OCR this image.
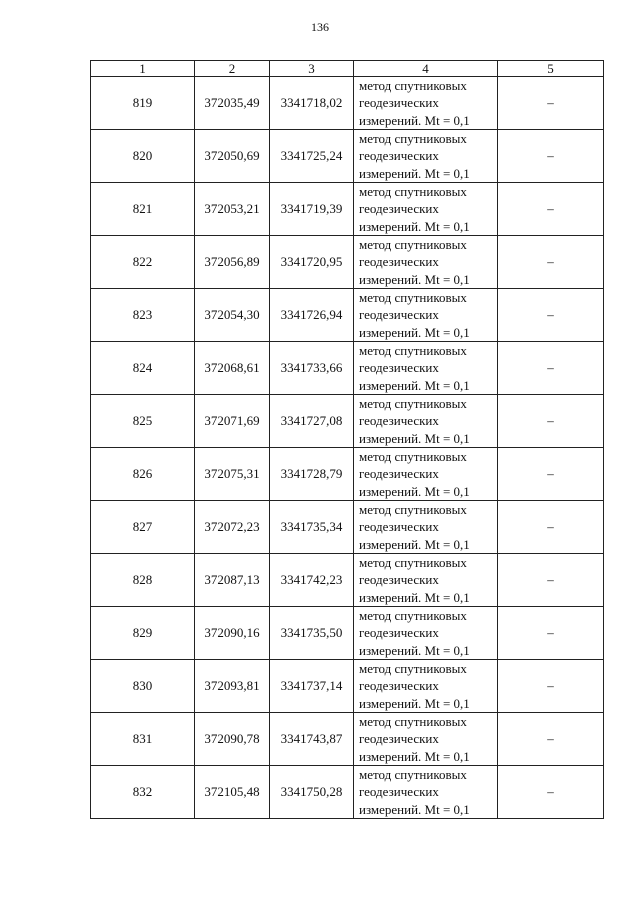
136
1	2	3	4	5
819	372035,49	3341718,02	метод спутниковых
геодезических
измерений. Mt = 0,1	–
820	372050,69	3341725,24	метод спутниковых
геодезических
измерений. Mt = 0,1	–
821	372053,21	3341719,39	метод спутниковых
геодезических
измерений. Mt = 0,1	–
822	372056,89	3341720,95	метод спутниковых
геодезических
измерений. Mt = 0,1	–
823	372054,30	3341726,94	метод спутниковых
геодезических
измерений. Mt = 0,1	–
824	372068,61	3341733,66	метод спутниковых
геодезических
измерений. Mt = 0,1	–
825	372071,69	3341727,08	метод спутниковых
геодезических
измерений. Mt = 0,1	–
826	372075,31	3341728,79	метод спутниковых
геодезических
измерений. Mt = 0,1	–
827	372072,23	3341735,34	метод спутниковых
геодезических
измерений. Mt = 0,1	–
828	372087,13	3341742,23	метод спутниковых
геодезических
измерений. Mt = 0,1	–
829	372090,16	3341735,50	метод спутниковых
геодезических
измерений. Mt = 0,1	–
830	372093,81	3341737,14	метод спутниковых
геодезических
измерений. Mt = 0,1	–
831	372090,78	3341743,87	метод спутниковых
геодезических
измерений. Mt = 0,1	–
832	372105,48	3341750,28	метод спутниковых
геодезических
измерений. Mt = 0,1	–
